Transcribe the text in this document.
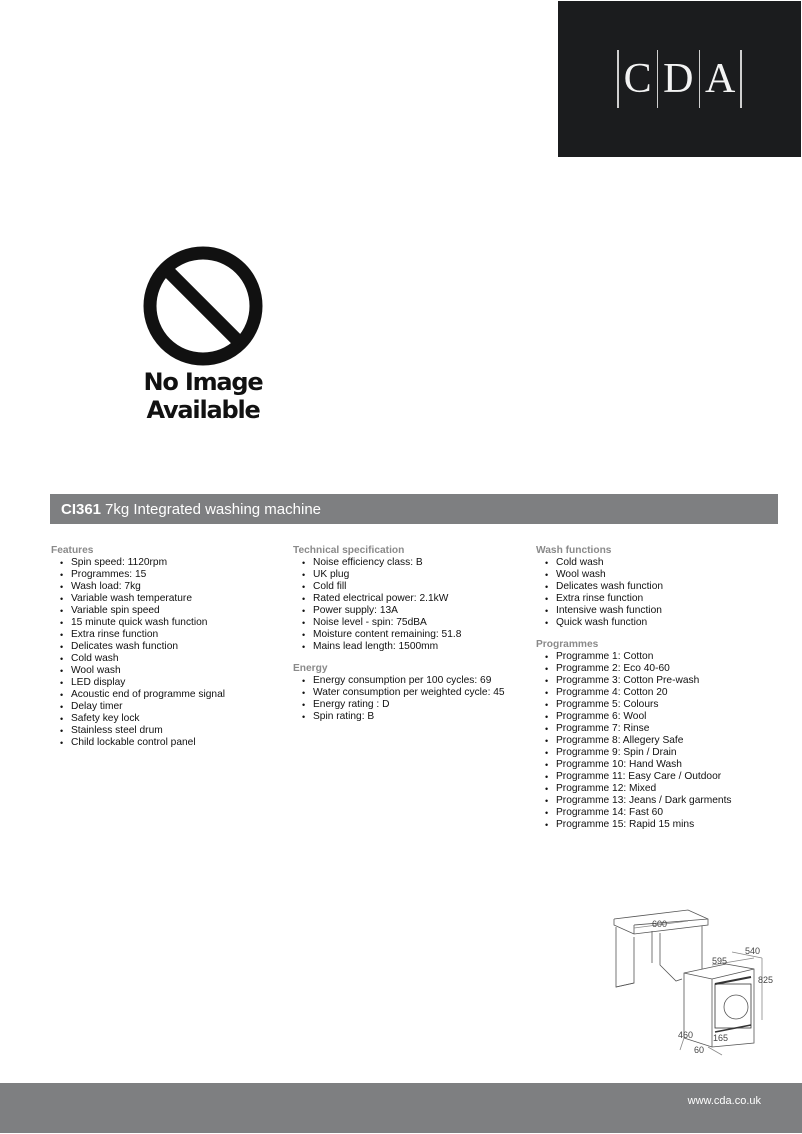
C D A
No Image
Available
CI361 7kg Integrated washing machine
Features
• Spin speed: 1120rpm
• Programmes: 15
• Wash load: 7kg
• Variable wash temperature
• Variable spin speed
• 15 minute quick wash function
• Extra rinse function
• Delicates wash function
• Cold wash
• Wool wash
• LED display
• Acoustic end of programme signal
• Delay timer
• Safety key lock
• Stainless steel drum
• Child lockable control panel
Technical specification
• Noise efficiency class: B
• UK plug
• Cold fill
• Rated electrical power: 2.1kW
• Power supply: 13A
• Noise level - spin: 75dBA
• Moisture content remaining: 51.8
• Mains lead length: 1500mm
Energy
• Energy consumption per 100 cycles: 69
• Water consumption per weighted cycle: 45
• Energy rating : D
• Spin rating: B
Wash functions
• Cold wash
• Wool wash
• Delicates wash function
• Extra rinse function
• Intensive wash function
• Quick wash function
Programmes
• Programme 1: Cotton
• Programme 2: Eco 40-60
• Programme 3: Cotton Pre-wash
• Programme 4: Cotton 20
• Programme 5: Colours
• Programme 6: Wool
• Programme 7: Rinse
• Programme 8: Allegery Safe
• Programme 9: Spin / Drain
• Programme 10: Hand Wash
• Programme 11: Easy Care / Outdoor
• Programme 12: Mixed
• Programme 13: Jeans / Dark garments
• Programme 14: Fast 60
• Programme 15: Rapid 15 mins
600
540
595
825
460 165
60
www.cda.co.uk
